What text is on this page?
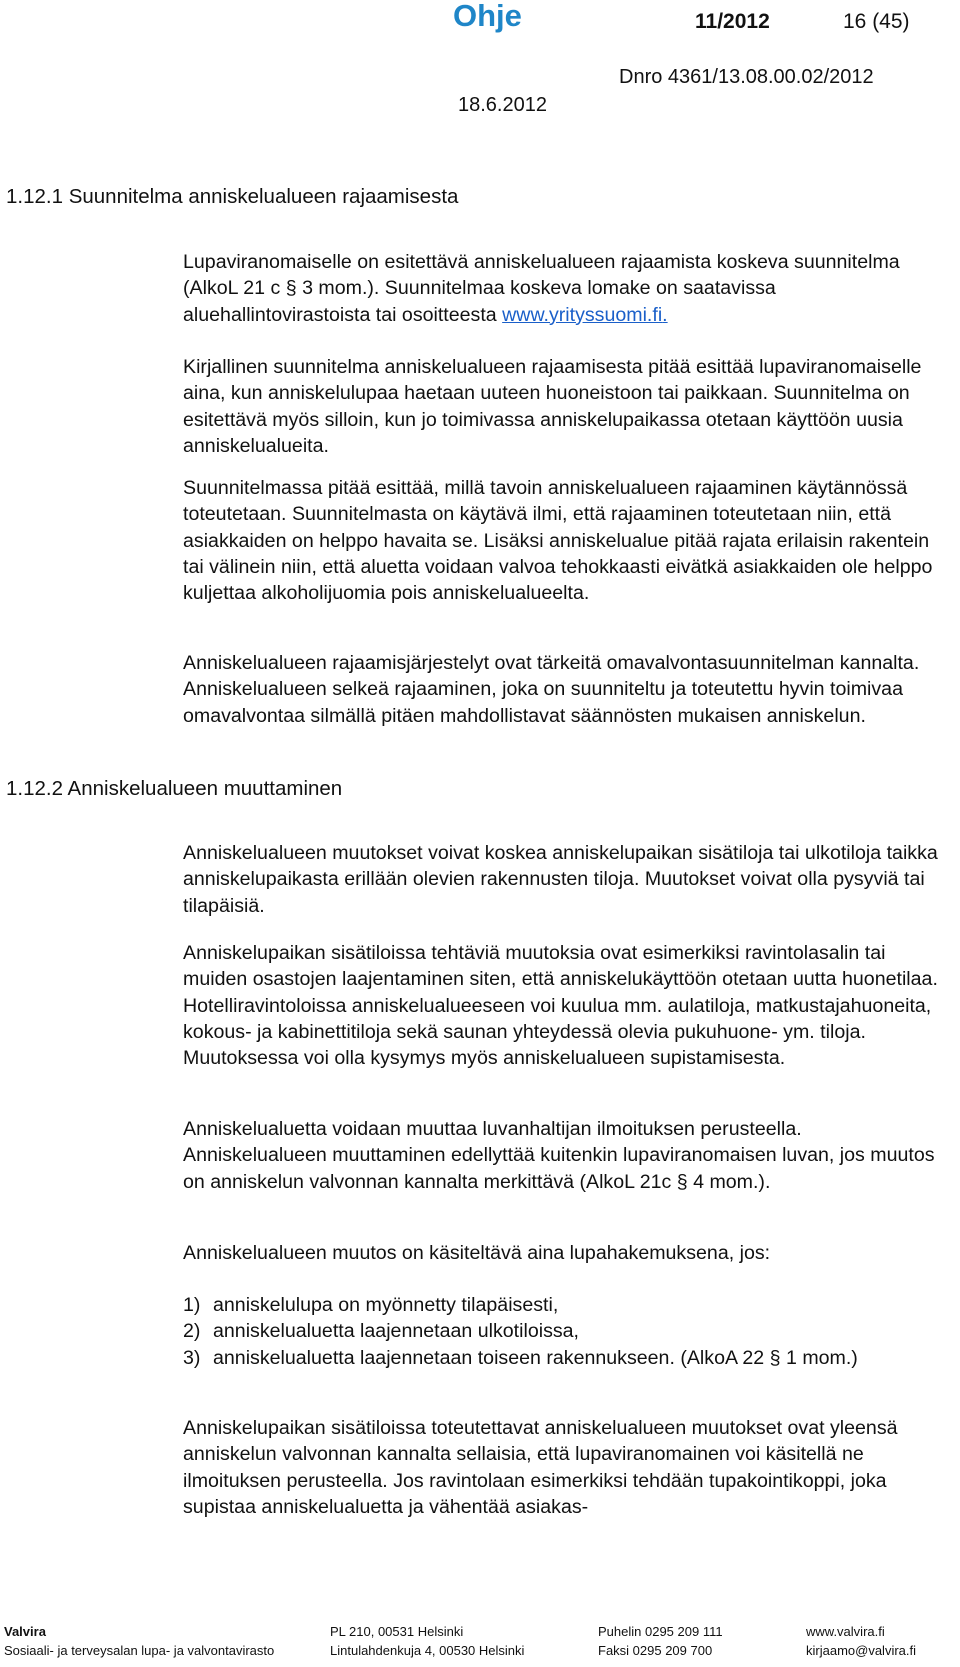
Ohje	11/2012	16 (45)
Dnro 4361/13.08.00.02/2012
18.6.2012
1.12.1 Suunnitelma anniskelualueen rajaamisesta

Lupaviranomaiselle on esitettävä anniskelualueen rajaamista koskeva suunnitelma (AlkoL 21 c § 3 mom.). Suunnitelmaa koskeva lomake on saatavissa aluehallintovirastoista tai osoitteesta www.yrityssuomi.fi.

Kirjallinen suunnitelma anniskelualueen rajaamisesta pitää esittää lupaviranomaiselle aina, kun anniskelulupaa haetaan uuteen huoneistoon tai paikkaan. Suunnitelma on esitettävä myös silloin, kun jo toimivassa anniskelupaikassa otetaan käyttöön uusia anniskelualueita.

Suunnitelmassa pitää esittää, millä tavoin anniskelualueen rajaaminen käytännössä toteutetaan. Suunnitelmasta on käytävä ilmi, että rajaaminen toteutetaan niin, että asiakkaiden on helppo havaita se. Lisäksi anniskelualue pitää rajata erilaisin rakentein tai välinein niin, että aluetta voidaan valvoa tehokkaasti eivätkä asiakkaiden ole helppo kuljettaa alkoholijuomia pois anniskelualueelta.

Anniskelualueen rajaamisjärjestelyt ovat tärkeitä omavalvontasuunnitelman kannalta. Anniskelualueen selkeä rajaaminen, joka on suunniteltu ja toteutettu hyvin toimivaa omavalvontaa silmällä pitäen mahdollistavat säännösten mukaisen anniskelun.

1.12.2 Anniskelualueen muuttaminen

Anniskelualueen muutokset voivat koskea anniskelupaikan sisätiloja tai ulkotiloja taikka anniskelupaikasta erillään olevien rakennusten tiloja. Muutokset voivat olla pysyviä tai tilapäisiä.

Anniskelupaikan sisätiloissa tehtäviä muutoksia ovat esimerkiksi ravintolasalin tai muiden osastojen laajentaminen siten, että anniskelukäyttöön otetaan uutta huonetilaa. Hotelliravintoloissa anniskelualueeseen voi kuulua mm. aulatiloja, matkustajahuoneita, kokous- ja kabinettitiloja sekä saunan yhteydessä olevia pukuhuone- ym. tiloja. Muutoksessa voi olla kysymys myös anniskelualueen supistamisesta.

Anniskelualuetta voidaan muuttaa luvanhaltijan ilmoituksen perusteella. Anniskelualueen muuttaminen edellyttää kuitenkin lupaviranomaisen luvan, jos muutos on anniskelun valvonnan kannalta merkittävä (AlkoL 21c § 4 mom.).

Anniskelualueen muutos on käsiteltävä aina lupahakemuksena, jos:

1) anniskelulupa on myönnetty tilapäisesti,
2) anniskelualuetta laajennetaan ulkotiloissa,
3) anniskelualuetta laajennetaan toiseen rakennukseen. (AlkoA 22 § 1 mom.)

Anniskelupaikan sisätiloissa toteutettavat anniskelualueen muutokset ovat yleensä anniskelun valvonnan kannalta sellaisia, että lupaviranomainen voi käsitellä ne ilmoituksen perusteella. Jos ravintolaan esimerkiksi tehdään tupakointikoppi, joka supistaa anniskelualuetta ja vähentää asiakas-

Valvira
Sosiaali- ja terveysalan lupa- ja valvontavirasto
PL 210, 00531 Helsinki
Lintulahdenkuja 4, 00530 Helsinki
Puhelin 0295 209 111
Faksi 0295 209 700
www.valvira.fi
kirjaamo@valvira.fi
